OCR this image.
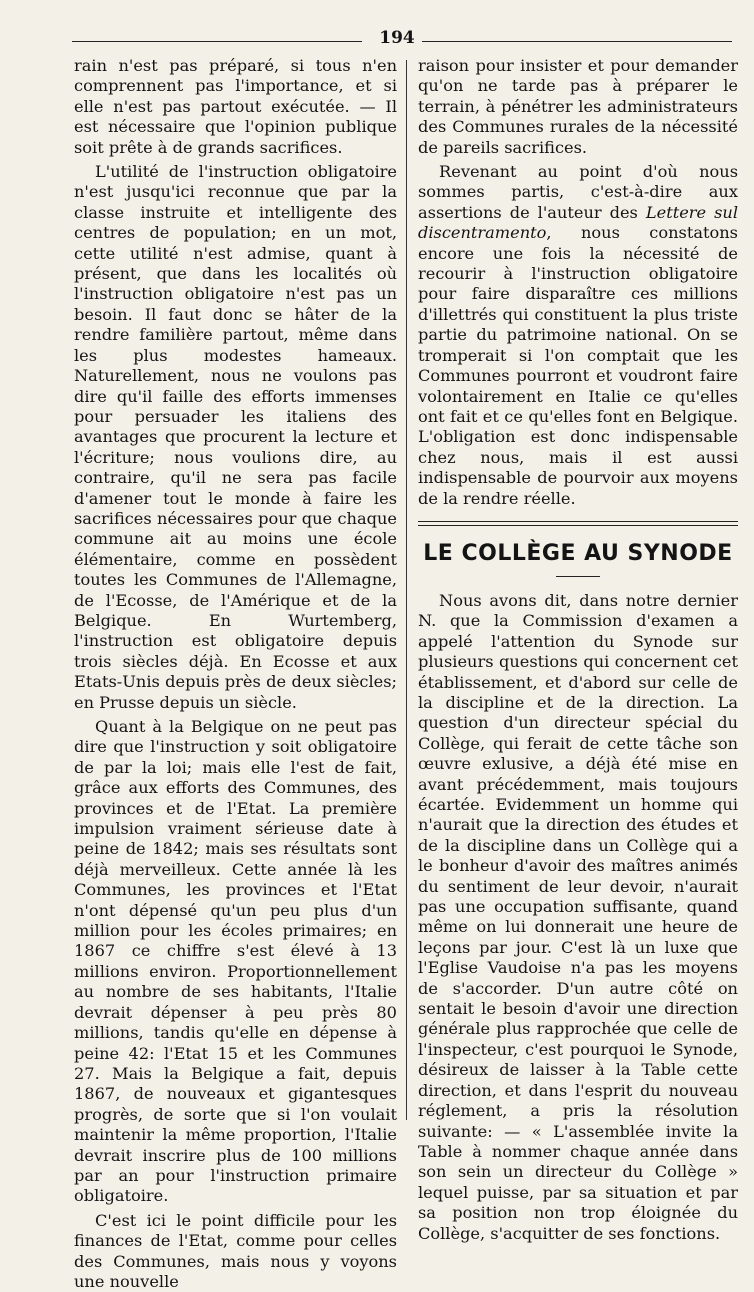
194

rain n'est pas préparé, si tous n'en comprennent pas l'importance, et si elle n'est pas partout exécutée. — Il est nécessaire que l'opinion publique soit prête à de grands sacrifices.

L'utilité de l'instruction obligatoire n'est jusqu'ici reconnue que par la classe instruite et intelligente des centres de population; en un mot, cette utilité n'est admise, quant à présent, que dans les localités où l'instruction obligatoire n'est pas un besoin. Il faut donc se hâter de la rendre familière partout, même dans les plus modestes hameaux. Naturellement, nous ne voulons pas dire qu'il faille des efforts immenses pour persuader les italiens des avantages que procurent la lecture et l'écriture; nous voulions dire, au contraire, qu'il ne sera pas facile d'amener tout le monde à faire les sacrifices nécessaires pour que chaque commune ait au moins une école élémentaire, comme en possèdent toutes les Communes de l'Allemagne, de l'Ecosse, de l'Amérique et de la Belgique. En Wurtemberg, l'instruction est obligatoire depuis trois siècles déjà. En Ecosse et aux Etats-Unis depuis près de deux siècles; en Prusse depuis un siècle.

Quant à la Belgique on ne peut pas dire que l'instruction y soit obligatoire de par la loi; mais elle l'est de fait, grâce aux efforts des Communes, des provinces et de l'Etat. La première impulsion vraiment sérieuse date à peine de 1842; mais ses résultats sont déjà merveilleux. Cette année là les Communes, les provinces et l'Etat n'ont dépensé qu'un peu plus d'un million pour les écoles primaires; en 1867 ce chiffre s'est élevé à 13 millions environ. Proportionnellement au nombre de ses habitants, l'Italie devrait dépenser à peu près 80 millions, tandis qu'elle en dépense à peine 42: l'Etat 15 et les Communes 27. Mais la Belgique a fait, depuis 1867, de nouveaux et gigantesques progrès, de sorte que si l'on voulait maintenir la même proportion, l'Italie devrait inscrire plus de 100 millions par an pour l'instruction primaire obligatoire.

C'est ici le point difficile pour les finances de l'Etat, comme pour celles des Communes, mais nous y voyons une nouvelle

raison pour insister et pour demander qu'on ne tarde pas à préparer le terrain, à pénétrer les administrateurs des Communes rurales de la nécessité de pareils sacrifices.

Revenant au point d'où nous sommes partis, c'est-à-dire aux assertions de l'auteur des Lettere sul discentramento, nous constatons encore une fois la nécessité de recourir à l'instruction obligatoire pour faire disparaître ces millions d'illettrés qui constituent la plus triste partie du patrimoine national. On se tromperait si l'on comptait que les Communes pourront et voudront faire volontairement en Italie ce qu'elles ont fait et ce qu'elles font en Belgique. L'obligation est donc indispensable chez nous, mais il est aussi indispensable de pourvoir aux moyens de la rendre réelle.

LE COLLÈGE AU SYNODE

Nous avons dit, dans notre dernier N. que la Commission d'examen a appelé l'attention du Synode sur plusieurs questions qui concernent cet établissement, et d'abord sur celle de la discipline et de la direction. La question d'un directeur spécial du Collège, qui ferait de cette tâche son œuvre exlusive, a déjà été mise en avant précédemment, mais toujours écartée. Evidemment un homme qui n'aurait que la direction des études et de la discipline dans un Collège qui a le bonheur d'avoir des maîtres animés du sentiment de leur devoir, n'aurait pas une occupation suffisante, quand même on lui donnerait une heure de leçons par jour. C'est là un luxe que l'Eglise Vaudoise n'a pas les moyens de s'accorder. D'un autre côté on sentait le besoin d'avoir une direction générale plus rapprochée que celle de l'inspecteur, c'est pourquoi le Synode, désireux de laisser à la Table cette direction, et dans l'esprit du nouveau réglement, a pris la résolution suivante: — « L'assemblée invite la Table à nommer chaque année dans son sein un directeur du Collège » lequel puisse, par sa situation et par sa position non trop éloignée du Collège, s'acquitter de ses fonctions.
